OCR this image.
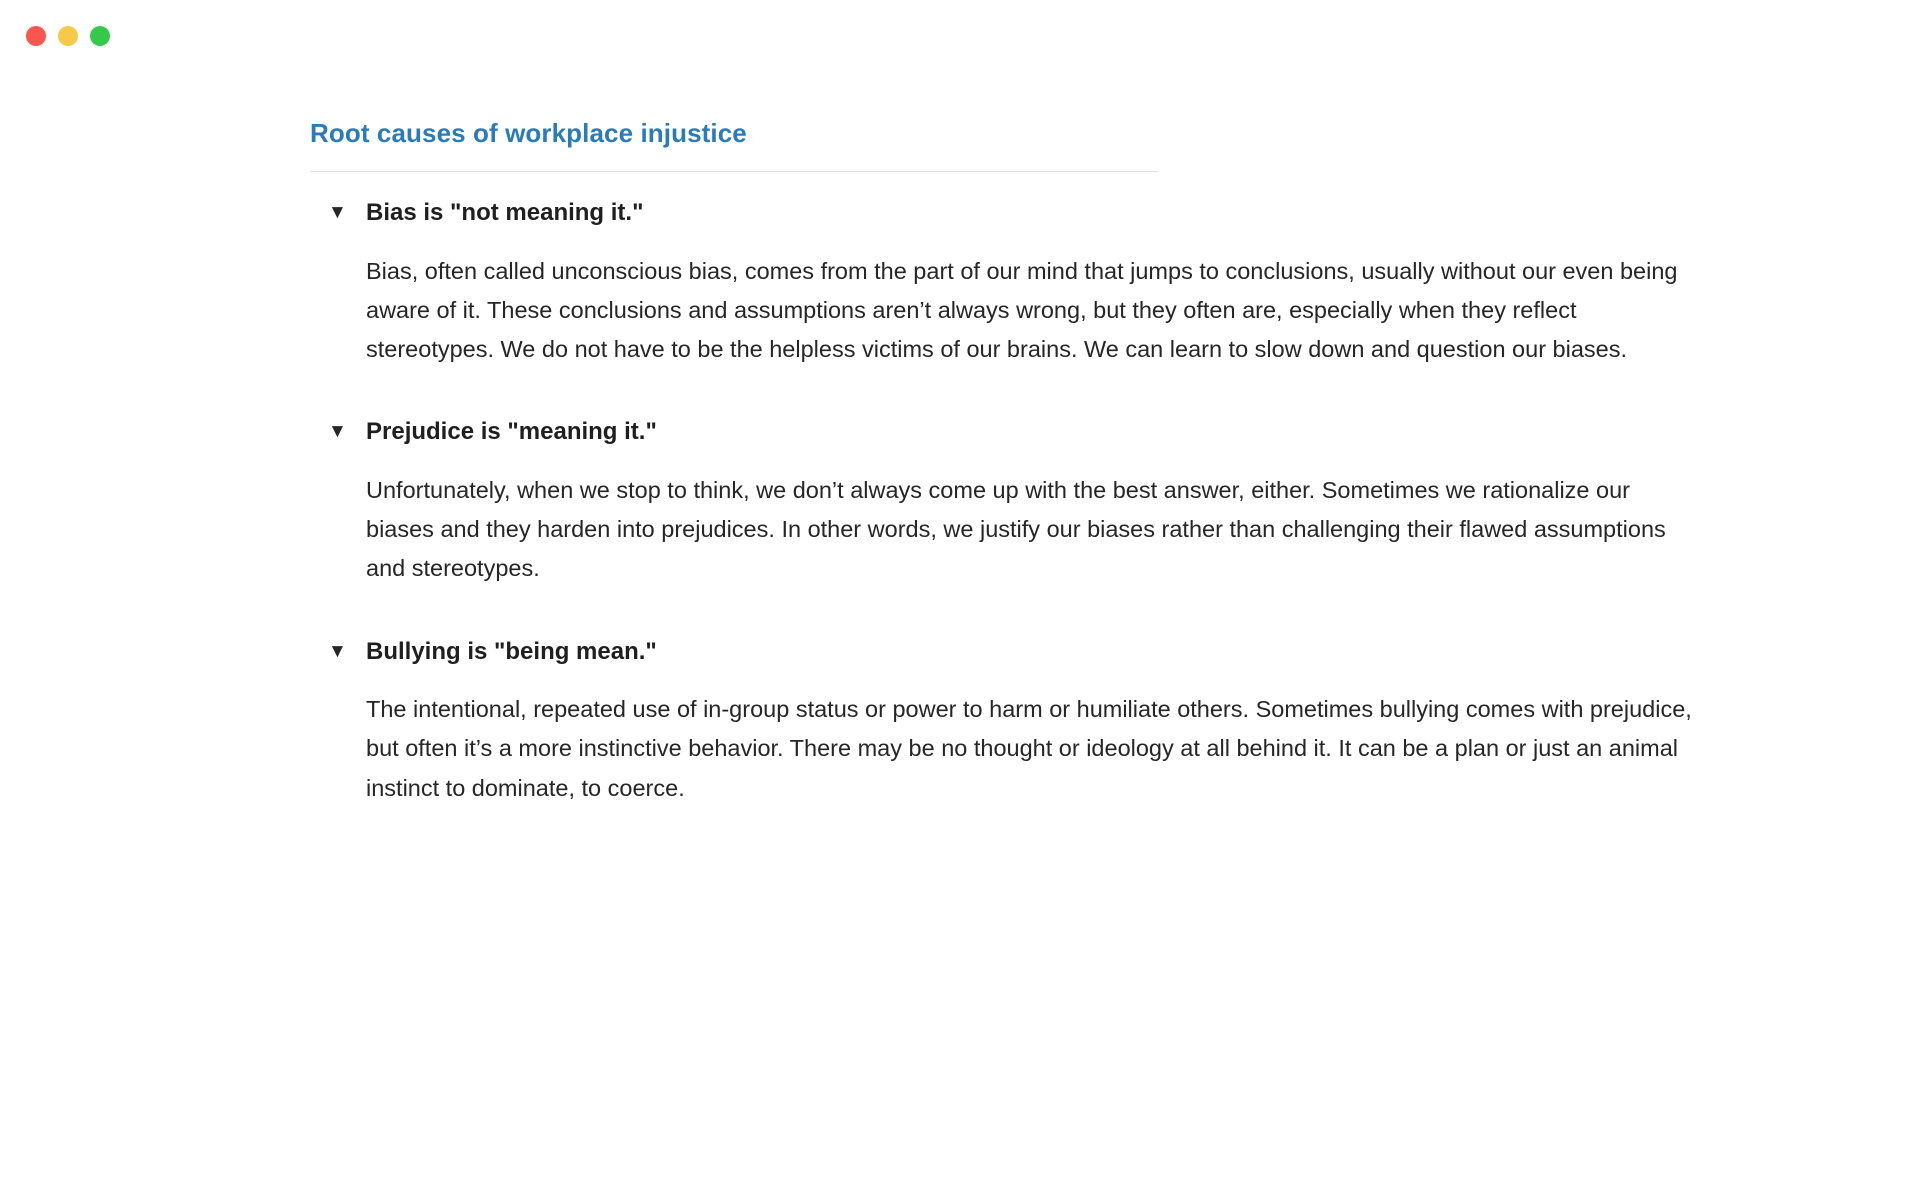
Root causes of workplace injustice
▼ Bias is "not meaning it."

Bias, often called unconscious bias, comes from the part of our mind that jumps to conclusions, usually without our even being aware of it. These conclusions and assumptions aren’t always wrong, but they often are, especially when they reflect stereotypes. We do not have to be the helpless victims of our brains. We can learn to slow down and question our biases.

▼ Prejudice is "meaning it."

Unfortunately, when we stop to think, we don’t always come up with the best answer, either. Sometimes we rationalize our biases and they harden into prejudices. In other words, we justify our biases rather than challenging their flawed assumptions and stereotypes.

▼ Bullying is "being mean."

The intentional, repeated use of in-group status or power to harm or humiliate others. Sometimes bullying comes with prejudice, but often it’s a more instinctive behavior. There may be no thought or ideology at all behind it. It can be a plan or just an animal instinct to dominate, to coerce.
